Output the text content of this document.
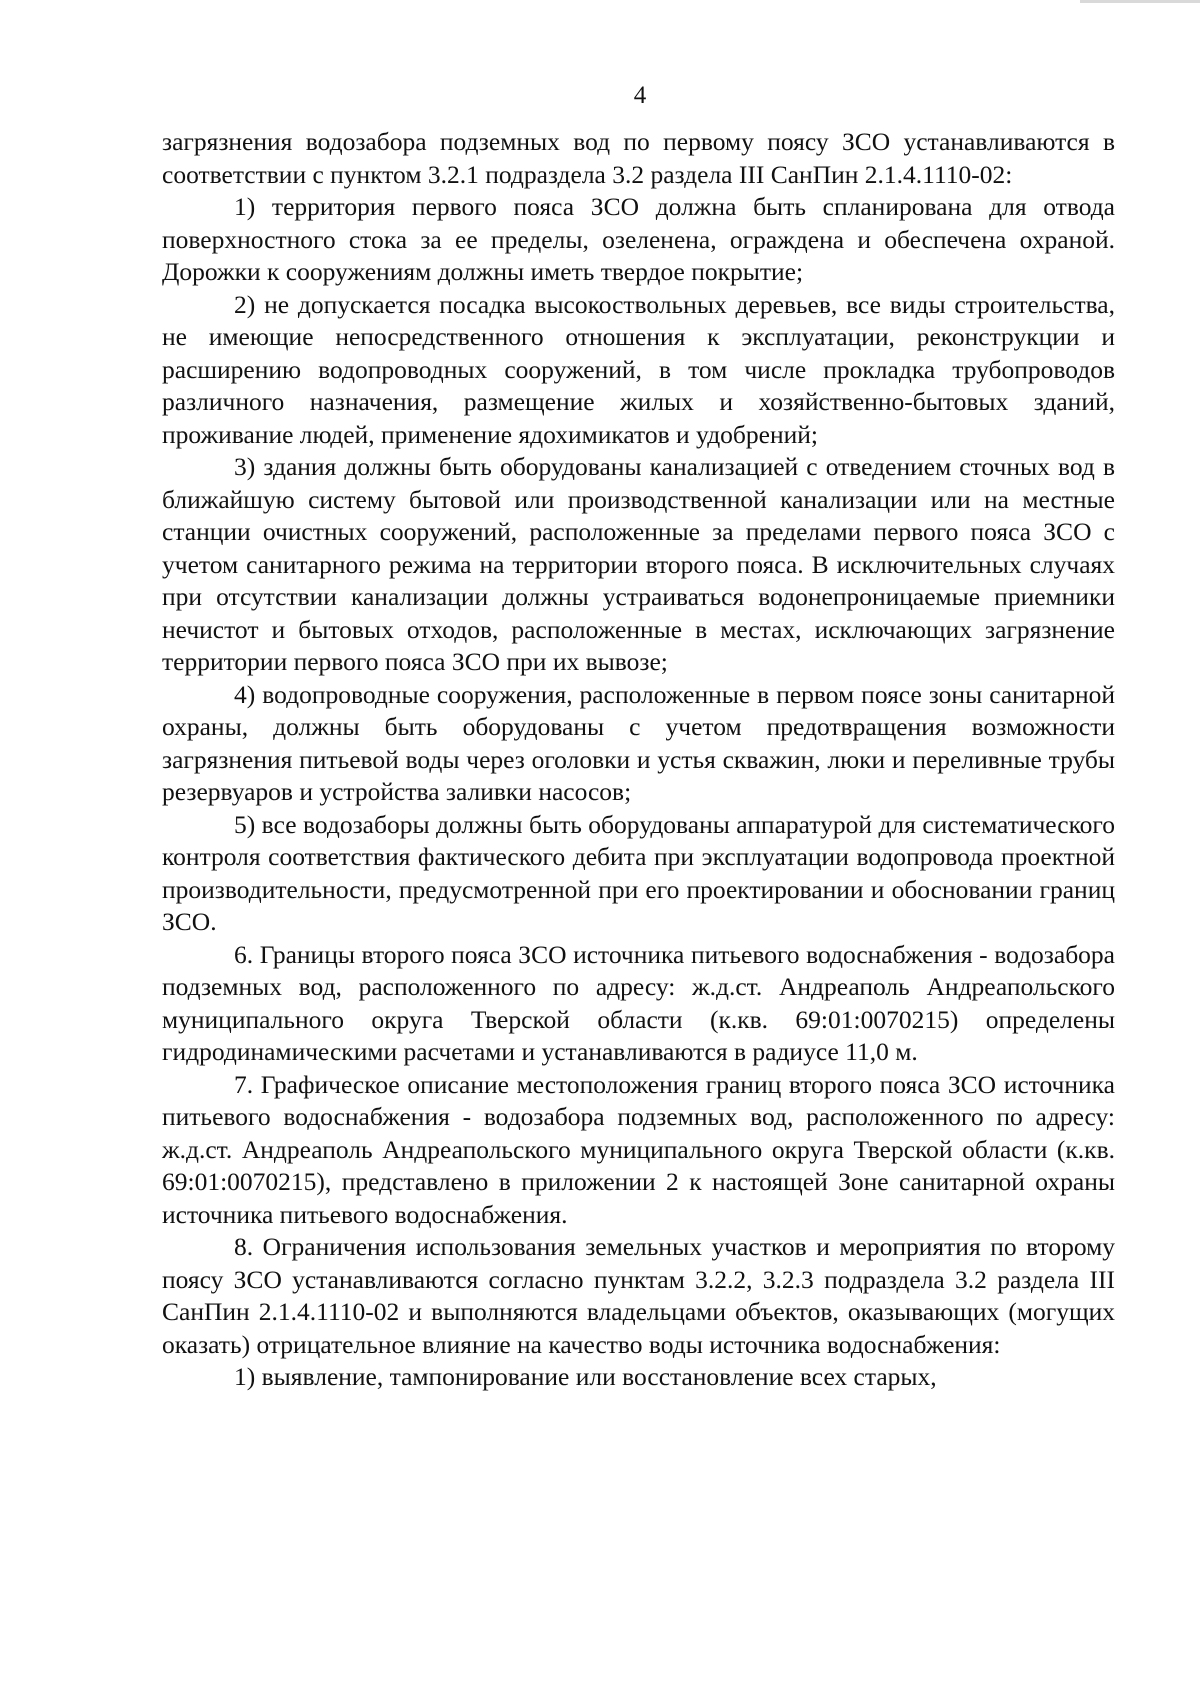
4

загрязнения водозабора подземных вод по первому поясу ЗСО устанавливаются в соответствии с пунктом 3.2.1 подраздела 3.2 раздела III СанПин 2.1.4.1110-02:

1) территория первого пояса ЗСО должна быть спланирована для отвода поверхностного стока за ее пределы, озеленена, ограждена и обеспечена охраной. Дорожки к сооружениям должны иметь твердое покрытие;

2) не допускается посадка высокоствольных деревьев, все виды строительства, не имеющие непосредственного отношения к эксплуатации, реконструкции и расширению водопроводных сооружений, в том числе прокладка трубопроводов различного назначения, размещение жилых и хозяйственно-бытовых зданий, проживание людей, применение ядохимикатов и удобрений;

3) здания должны быть оборудованы канализацией с отведением сточных вод в ближайшую систему бытовой или производственной канализации или на местные станции очистных сооружений, расположенные за пределами первого пояса ЗСО с учетом санитарного режима на территории второго пояса. В исключительных случаях при отсутствии канализации должны устраиваться водонепроницаемые приемники нечистот и бытовых отходов, расположенные в местах, исключающих загрязнение территории первого пояса ЗСО при их вывозе;

4) водопроводные сооружения, расположенные в первом поясе зоны санитарной охраны, должны быть оборудованы с учетом предотвращения возможности загрязнения питьевой воды через оголовки и устья скважин, люки и переливные трубы резервуаров и устройства заливки насосов;

5) все водозаборы должны быть оборудованы аппаратурой для систематического контроля соответствия фактического дебита при эксплуатации водопровода проектной производительности, предусмотренной при его проектировании и обосновании границ ЗСО.

6. Границы второго пояса ЗСО источника питьевого водоснабжения - водозабора подземных вод, расположенного по адресу: ж.д.ст. Андреаполь Андреапольского муниципального округа Тверской области (к.кв. 69:01:0070215) определены гидродинамическими расчетами и устанавливаются в радиусе 11,0 м.

7. Графическое описание местоположения границ второго пояса ЗСО источника питьевого водоснабжения - водозабора подземных вод, расположенного по адресу: ж.д.ст. Андреаполь Андреапольского муниципального округа Тверской области (к.кв. 69:01:0070215), представлено в приложении 2 к настоящей Зоне санитарной охраны источника питьевого водоснабжения.

8. Ограничения использования земельных участков и мероприятия по второму поясу ЗСО устанавливаются согласно пунктам 3.2.2, 3.2.3 подраздела 3.2 раздела III СанПин 2.1.4.1110-02 и выполняются владельцами объектов, оказывающих (могущих оказать) отрицательное влияние на качество воды источника водоснабжения:

1) выявление, тампонирование или восстановление всех старых,
